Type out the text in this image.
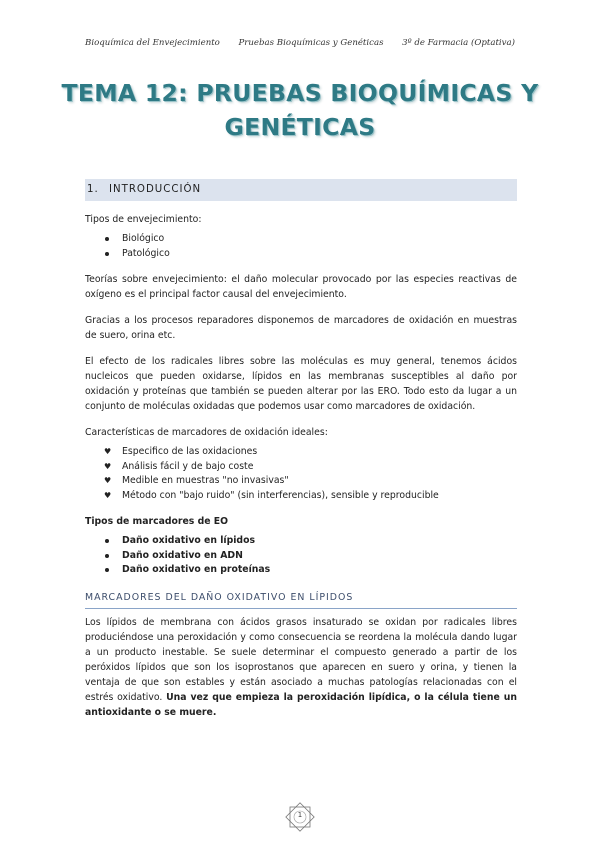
Bioquímica del Envejecimiento Pruebas Bioquímicas y Genéticas 3º de Farmacia (Optativa)
TEMA 12: PRUEBAS BIOQUÍMICAS Y
GENÉTICAS
1. INTRODUCCIÓN

Tipos de envejecimiento:

Biológico
Patológico

Teorías sobre envejecimiento: el daño molecular provocado por las especies reactivas de oxígeno es el principal factor causal del envejecimiento.

Gracias a los procesos reparadores disponemos de marcadores de oxidación en muestras de suero, orina etc.

El efecto de los radicales libres sobre las moléculas es muy general, tenemos ácidos nucleicos que pueden oxidarse, lípidos en las membranas susceptibles al daño por oxidación y proteínas que también se pueden alterar por las ERO. Todo esto da lugar a un conjunto de moléculas oxidadas que podemos usar como marcadores de oxidación.

Características de marcadores de oxidación ideales:

♥ Especifico de las oxidaciones
♥ Análisis fácil y de bajo coste
♥ Medible en muestras "no invasivas"
♥ Método con "bajo ruido" (sin interferencias), sensible y reproducible

Tipos de marcadores de EO

Daño oxidativo en lípidos
Daño oxidativo en ADN
Daño oxidativo en proteínas
MARCADORES DEL DAÑO OXIDATIVO EN LÍPIDOS

Los lípidos de membrana con ácidos grasos insaturado se oxidan por radicales libres produciéndose una peroxidación y como consecuencia se reordena la molécula dando lugar a un producto inestable. Se suele determinar el compuesto generado a partir de los peróxidos lípidos que son los isoprostanos que aparecen en suero y orina, y tienen la ventaja de que son estables y están asociado a muchas patologías relacionadas con el estrés oxidativo. Una vez que empieza la peroxidación lipídica, o la célula tiene un antioxidante o se muere.

1
